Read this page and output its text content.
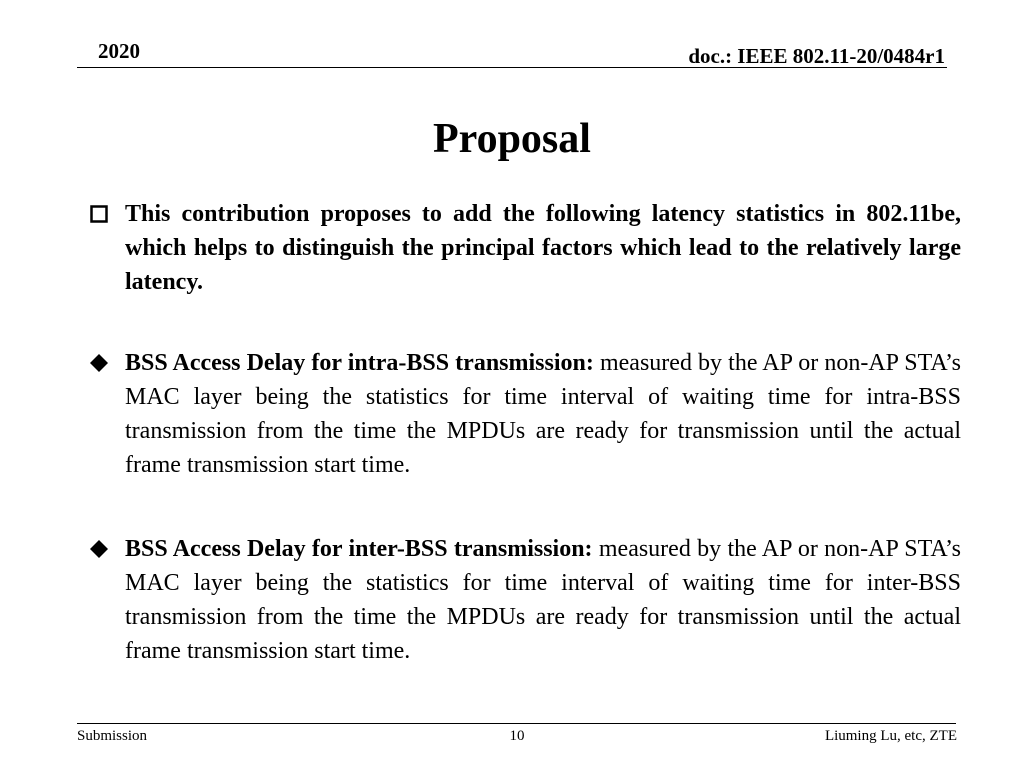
2020	doc.: IEEE 802.11-20/0484r1
Proposal
This contribution proposes to add the following latency statistics in 802.11be, which helps to distinguish the principal factors which lead to the relatively large latency.
BSS Access Delay for intra-BSS transmission: measured by the AP or non-AP STA’s MAC layer being the statistics for time interval of waiting time for intra-BSS transmission from the time the MPDUs are ready for transmission until the actual frame transmission start time.
BSS Access Delay for inter-BSS transmission: measured by the AP or non-AP STA’s MAC layer being the statistics for time interval of waiting time for inter-BSS transmission from the time the MPDUs are ready for transmission until the actual frame transmission start time.
Submission	10	Liuming Lu, etc, ZTE
